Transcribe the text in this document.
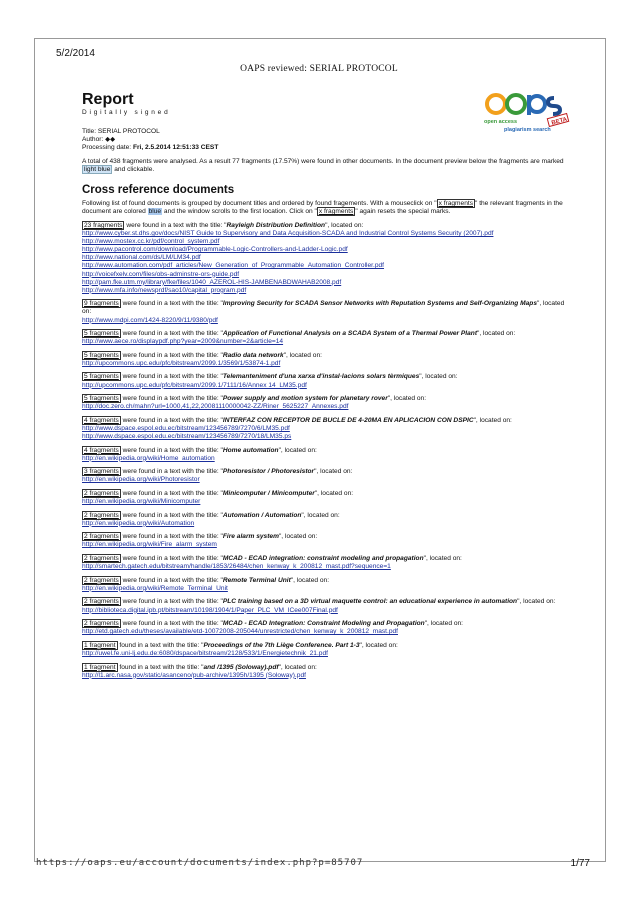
5/2/2014
OAPS reviewed: SERIAL PROTOCOL
BETA
open access
plagiarism search
Report
Digitally signed
Title: SERIAL PROTOCOL
Author: ◆◆
Processing date: Fri, 2.5.2014 12:51:33 CEST
A total of 438 fragments were analysed. As a result 77 fragments (17.57%) were found in other documents. In the document preview below the fragments are marked light blue and clickable.
Cross reference documents
Following list of found documents is grouped by document titles and ordered by found fragements. With a mouseclick on " x fragments " the relevant fragments in the document are colored blue and the window scrolls to the first location. Click on " x fragments " again resets the special marks.
23 fragments were found in a text with the title: "Rayleigh Distribution Definition", located on:
http://www.cyber.st.dhs.gov/docs/NIST Guide to Supervisory and Data Acquisition-SCADA and Industrial Control Systems Security (2007).pdf
http://www.mostex.cc.kr/pdf/control_system.pdf
http://www.pacontrol.com/download/Programmable-Logic-Controllers-and-Ladder-Logic.pdf
http://www.national.com/ds/LM/LM34.pdf
http://www.automation.com/pdf_articles/New_Generation_of_Programmable_Automation_Controller.pdf
http://voicefxelv.com/files/obs-adminstre-ors-guide.pdf
http://pam.fke.utm.my/library/fke/files/1040_AZEROL-HIS-JAMBENABDWAHAB2008.pdf
http://www.mfa.info/newsprdf/sao10/capital_program.pdf
9 fragments were found in a text with the title: "Improving Security for SCADA Sensor Networks with Reputation Systems and Self-Organizing Maps", located on:
http://www.mdpi.com/1424-8220/9/11/9380/pdf
5 fragments were found in a text with the title: "Application of Functional Analysis on a SCADA System of a Thermal Power Plant", located on:
http://www.aece.ro/displaypdf.php?year=2009&number=2&article=14
5 fragments were found in a text with the title: "Radio data network", located on:
http://upcommons.upc.edu/pfc/bitstream/2099.1/3569/1/53874-1.pdf
5 fragments were found in a text with the title: "Telemanteniment d'una xarxa d'instal·lacions solars tèrmiques", located on:
http://upcommons.upc.edu/pfc/bitstream/2099.1/7111/16/Annex 14_LM35.pdf
5 fragments were found in a text with the title: "Power supply and motion system for planetary rover", located on:
http://doc.zero.ch/mahn?url=1000,41,22,20081110000042-ZZ/Riner_5625227_Annexes.pdf
4 fragments were found in a text with the title: "INTERFAZ CON RECEPTOR DE BUCLE DE 4-20MA EN APLICACION CON DSPIC", located on:
http://www.dspace.espol.edu.ec/bitstream/123456789/7270/6/LM35.pdf
http://www.dspace.espol.edu.ec/bitstream/123456789/7270/18/LM35.ps
4 fragments were found in a text with the title: "Home automation", located on:
http://en.wikipedia.org/wiki/Home_automation
3 fragments were found in a text with the title: "Photoresistor / Photoresistor", located on:
http://en.wikipedia.org/wiki/Photoresistor
2 fragments were found in a text with the title: "Minicomputer / Minicomputer", located on:
http://en.wikipedia.org/wiki/Minicomputer
2 fragments were found in a text with the title: "Automation / Automation", located on:
http://en.wikipedia.org/wiki/Automation
2 fragments were found in a text with the title: "Fire alarm system", located on:
http://en.wikipedia.org/wiki/Fire_alarm_system
2 fragments were found in a text with the title: "MCAD - ECAD integration: constraint modeling and propagation", located on:
http://smartech.gatech.edu/bitstream/handle/1853/26484/chen_kenway_k_200812_mast.pdf?sequence=1
2 fragments were found in a text with the title: "Remote Terminal Unit", located on:
http://en.wikipedia.org/wiki/Remote_Terminal_Unit
2 fragments were found in a text with the title: "PLC training based on a 3D virtual maquette control: an educational experience in automation", located on:
http://biblioteca.digital.ipb.pt/bitstream/10198/1904/1/Paper_PLC_VM_ICee007Final.pdf
2 fragments were found in a text with the title: "MCAD - ECAD Integration: Constraint Modeling and Propagation", located on:
http://etd.gatech.edu/theses/available/etd-10072008-205044/unrestricted/chen_kenway_k_200812_mast.pdf
1 fragment found in a text with the title: "Proceedings of the 7th Liège Conference. Part 1-3", located on:
http://uwel.fe.uni-lj.edu.de:6080/dspace/bitstream/2128/533/1/Energietechnik_21.pdf
1 fragment found in a text with the title: "and /1395 (Soloway).pdf", located on:
http://l1.arc.nasa.gov/static/asanceno/pub-archive/1395h/1395 (Soloway).pdf
https://oaps.eu/account/documents/index.php?p=85707	1/77
